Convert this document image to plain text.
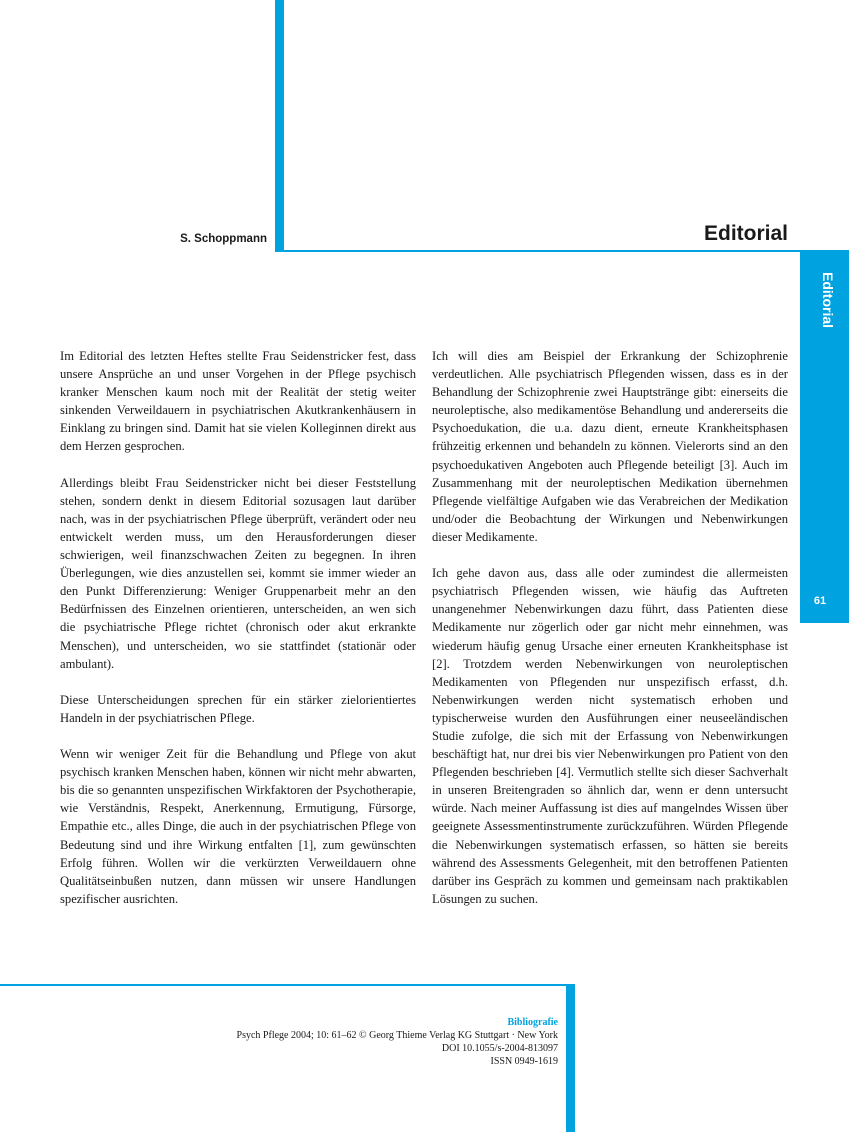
S. Schoppmann	Editorial
Editorial
61

Im Editorial des letzten Heftes stellte Frau Seidenstricker fest, dass unsere Ansprüche an und unser Vorgehen in der Pflege psychisch kranker Menschen kaum noch mit der Realität der stetig weiter sinkenden Verweildauern in psychiatrischen Akutkrankenhäusern in Einklang zu bringen sind. Damit hat sie vielen Kolleginnen direkt aus dem Herzen gesprochen.

Allerdings bleibt Frau Seidenstricker nicht bei dieser Feststellung stehen, sondern denkt in diesem Editorial sozusagen laut darüber nach, was in der psychiatrischen Pflege überprüft, verändert oder neu entwickelt werden muss, um den Herausforderungen dieser schwierigen, weil finanzschwachen Zeiten zu begegnen. In ihren Überlegungen, wie dies anzustellen sei, kommt sie immer wieder an den Punkt Differenzierung: Weniger Gruppenarbeit mehr an den Bedürfnissen des Einzelnen orientieren, unterscheiden, an wen sich die psychiatrische Pflege richtet (chronisch oder akut erkrankte Menschen), und unterscheiden, wo sie stattfindet (stationär oder ambulant).

Diese Unterscheidungen sprechen für ein stärker zielorientiertes Handeln in der psychiatrischen Pflege.

Wenn wir weniger Zeit für die Behandlung und Pflege von akut psychisch kranken Menschen haben, können wir nicht mehr abwarten, bis die so genannten unspezifischen Wirkfaktoren der Psychotherapie, wie Verständnis, Respekt, Anerkennung, Ermutigung, Fürsorge, Empathie etc., alles Dinge, die auch in der psychiatrischen Pflege von Bedeutung sind und ihre Wirkung entfalten [1], zum gewünschten Erfolg führen. Wollen wir die verkürzten Verweildauern ohne Qualitätseinbußen nutzen, dann müssen wir unsere Handlungen spezifischer ausrichten.

Ich will dies am Beispiel der Erkrankung der Schizophrenie verdeutlichen. Alle psychiatrisch Pflegenden wissen, dass es in der Behandlung der Schizophrenie zwei Hauptstränge gibt: einerseits die neuroleptische, also medikamentöse Behandlung und andererseits die Psychoedukation, die u.a. dazu dient, erneute Krankheitsphasen frühzeitig erkennen und behandeln zu können. Vielerorts sind an den psychoedukativen Angeboten auch Pflegende beteiligt [3]. Auch im Zusammenhang mit der neuroleptischen Medikation übernehmen Pflegende vielfältige Aufgaben wie das Verabreichen der Medikation und/oder die Beobachtung der Wirkungen und Nebenwirkungen dieser Medikamente.

Ich gehe davon aus, dass alle oder zumindest die allermeisten psychiatrisch Pflegenden wissen, wie häufig das Auftreten unangenehmer Nebenwirkungen dazu führt, dass Patienten diese Medikamente nur zögerlich oder gar nicht mehr einnehmen, was wiederum häufig genug Ursache einer erneuten Krankheitsphase ist [2]. Trotzdem werden Nebenwirkungen von neuroleptischen Medikamenten von Pflegenden nur unspezifisch erfasst, d.h. Nebenwirkungen werden nicht systematisch erhoben und typischerweise wurden den Ausführungen einer neuseeländischen Studie zufolge, die sich mit der Erfassung von Nebenwirkungen beschäftigt hat, nur drei bis vier Nebenwirkungen pro Patient von den Pflegenden beschrieben [4]. Vermutlich stellte sich dieser Sachverhalt in unseren Breitengraden so ähnlich dar, wenn er denn untersucht würde. Nach meiner Auffassung ist dies auf mangelndes Wissen über geeignete Assessmentinstrumente zurückzuführen. Würden Pflegende die Nebenwirkungen systematisch erfassen, so hätten sie bereits während des Assessments Gelegenheit, mit den betroffenen Patienten darüber ins Gespräch zu kommen und gemeinsam nach praktikablen Lösungen zu suchen.

Bibliografie
Psych Pflege 2004; 10: 61–62 © Georg Thieme Verlag KG Stuttgart · New York
DOI 10.1055/s-2004-813097
ISSN 0949-1619
